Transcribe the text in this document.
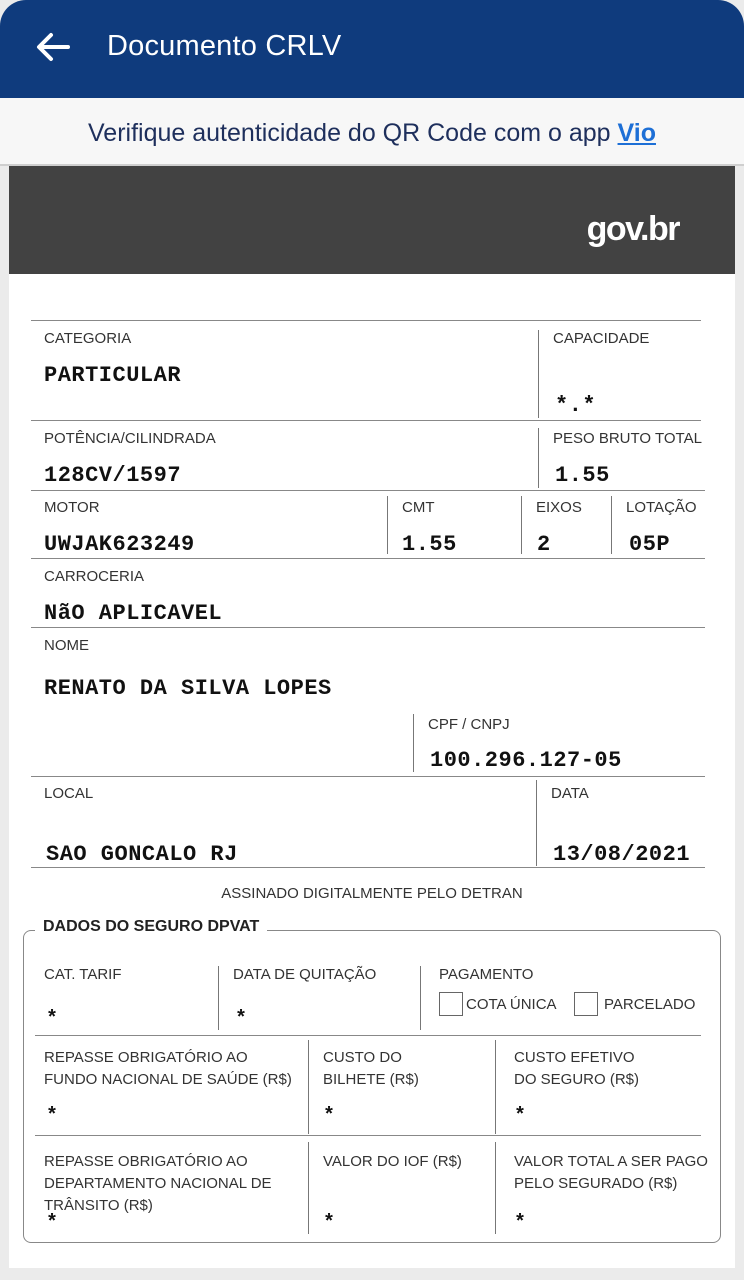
Documento CRLV
Verifique autenticidade do QR Code com o app Vio
gov.br
CATEGORIA
PARTICULAR
CAPACIDADE
*.*
POTÊNCIA/CILINDRADA
128CV/1597
PESO BRUTO TOTAL
1.55
MOTOR
UWJAK623249
CMT
1.55
EIXOS
2
LOTAÇÃO
05P
CARROCERIA
NãO APLICAVEL
NOME
RENATO DA SILVA LOPES
CPF / CNPJ
100.296.127-05
LOCAL
SAO GONCALO RJ
DATA
13/08/2021
ASSINADO DIGITALMENTE PELO DETRAN
DADOS DO SEGURO DPVAT
CAT. TARIF
*
DATA DE QUITAÇÃO
*
PAGAMENTO
COTA ÚNICA	PARCELADO
REPASSE OBRIGATÓRIO AO
FUNDO NACIONAL DE SAÚDE (R$)
*
CUSTO DO
BILHETE (R$)
*
CUSTO EFETIVO
DO SEGURO (R$)
*
REPASSE OBRIGATÓRIO AO
DEPARTAMENTO NACIONAL DE
TRÂNSITO (R$)
*
VALOR DO IOF (R$)
*
VALOR TOTAL A SER PAGO
PELO SEGURADO (R$)
*
